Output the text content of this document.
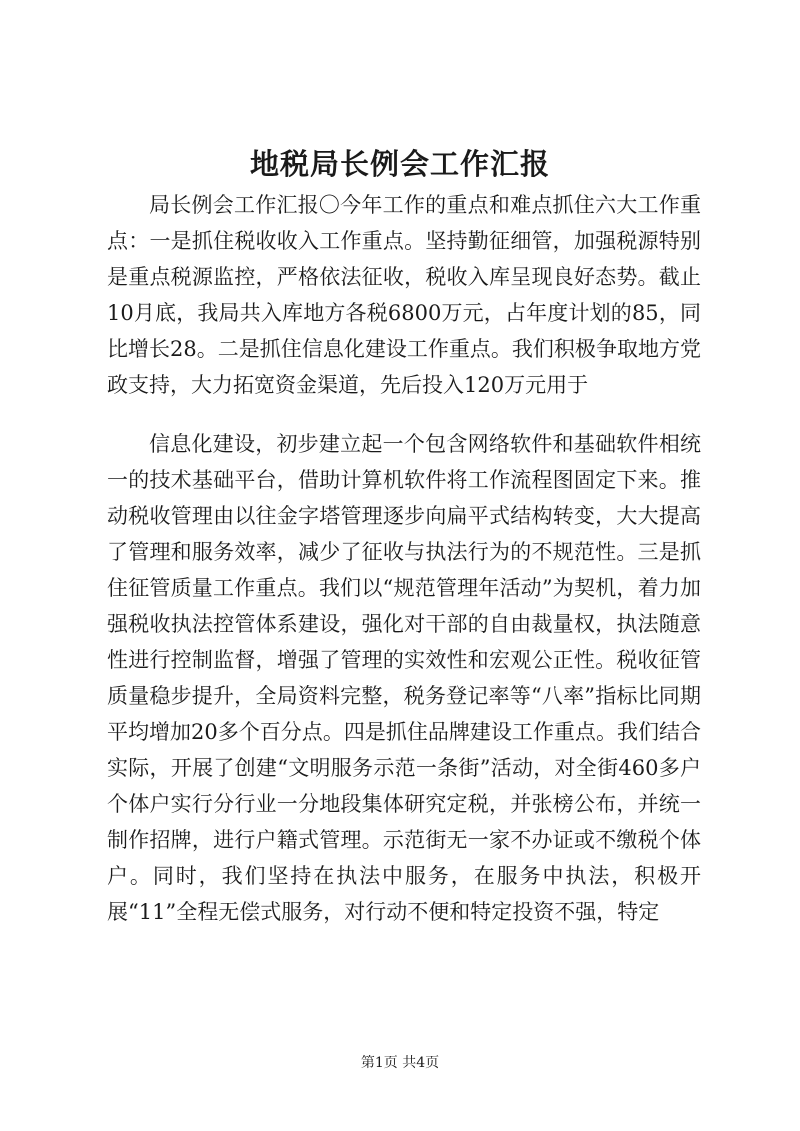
地税局长例会工作汇报

局长例会工作汇报〇今年工作的重点和难点抓住六大工作重点：一是抓住税收收入工作重点。坚持勤征细管，加强税源特别是重点税源监控，严格依法征收，税收入库呈现良好态势。截止10月底，我局共入库地方各税6800万元，占年度计划的85，同比增长28。二是抓住信息化建设工作重点。我们积极争取地方党政支持，大力拓宽资金渠道，先后投入120万元用于

信息化建设，初步建立起一个包含网络软件和基础软件相统一的技术基础平台，借助计算机软件将工作流程图固定下来。推动税收管理由以往金字塔管理逐步向扁平式结构转变，大大提高了管理和服务效率，减少了征收与执法行为的不规范性。三是抓住征管质量工作重点。我们以“规范管理年活动”为契机，着力加强税收执法控管体系建设，强化对干部的自由裁量权，执法随意性进行控制监督，增强了管理的实效性和宏观公正性。税收征管质量稳步提升，全局资料完整，税务登记率等“八率”指标比同期平均增加20多个百分点。四是抓住品牌建设工作重点。我们结合实际，开展了创建“文明服务示范一条街”活动，对全街460多户个体户实行分行业一分地段集体研究定税，并张榜公布，并统一制作招牌，进行户籍式管理。示范街无一家不办证或不缴税个体户。同时，我们坚持在执法中服务，在服务中执法，积极开展“11”全程无偿式服务，对行动不便和特定投资不强，特定

第1页 共4页
